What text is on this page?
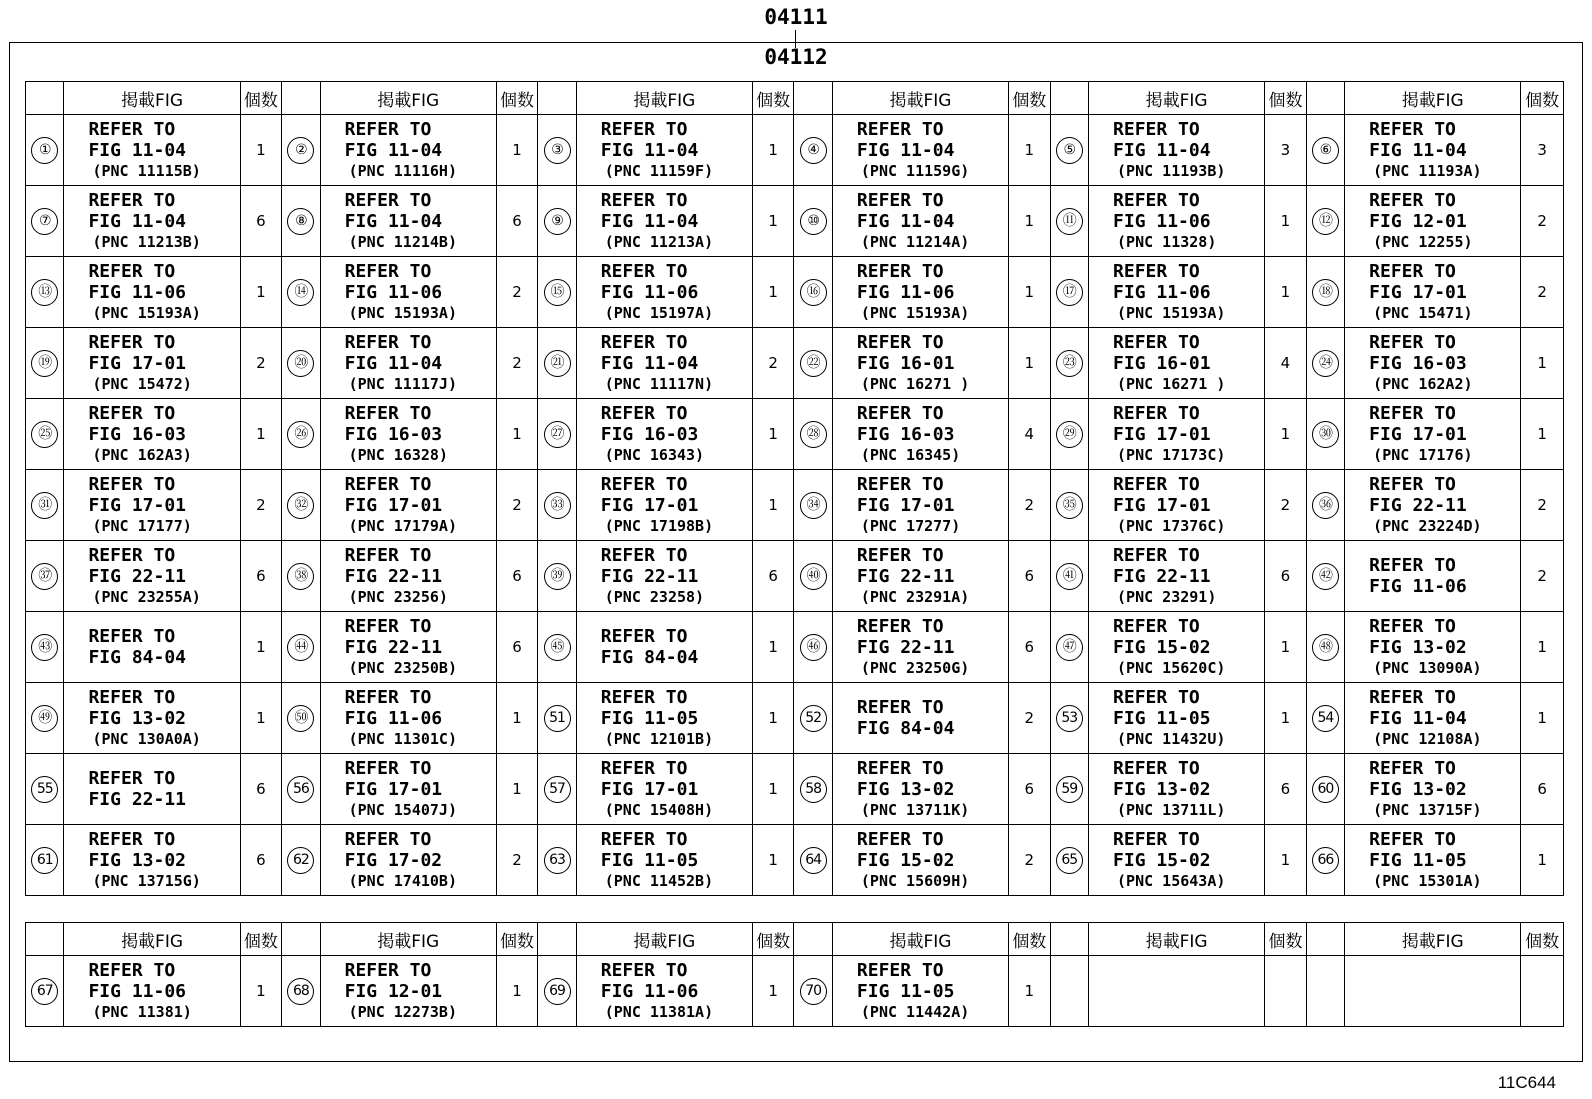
04111
04112
	掲載FIG	個数		掲載FIG	個数		掲載FIG	個数		掲載FIG	個数		掲載FIG	個数		掲載FIG	個数
①	REFER TO
FIG 11-04
(PNC 11115B)	1	②	REFER TO
FIG 11-04
(PNC 11116H)	1	③	REFER TO
FIG 11-04
(PNC 11159F)	1	④	REFER TO
FIG 11-04
(PNC 11159G)	1	⑤	REFER TO
FIG 11-04
(PNC 11193B)	3	⑥	REFER TO
FIG 11-04
(PNC 11193A)	3
⑦	REFER TO
FIG 11-04
(PNC 11213B)	6	⑧	REFER TO
FIG 11-04
(PNC 11214B)	6	⑨	REFER TO
FIG 11-04
(PNC 11213A)	1	⑩	REFER TO
FIG 11-04
(PNC 11214A)	1	⑪	REFER TO
FIG 11-06
(PNC 11328)	1	⑫	REFER TO
FIG 12-01
(PNC 12255)	2
⑬	REFER TO
FIG 11-06
(PNC 15193A)	1	⑭	REFER TO
FIG 11-06
(PNC 15193A)	2	⑮	REFER TO
FIG 11-06
(PNC 15197A)	1	⑯	REFER TO
FIG 11-06
(PNC 15193A)	1	⑰	REFER TO
FIG 11-06
(PNC 15193A)	1	⑱	REFER TO
FIG 17-01
(PNC 15471)	2
⑲	REFER TO
FIG 17-01
(PNC 15472)	2	⑳	REFER TO
FIG 11-04
(PNC 11117J)	2	㉑	REFER TO
FIG 11-04
(PNC 11117N)	2	㉒	REFER TO
FIG 16-01
(PNC 16271 )	1	㉓	REFER TO
FIG 16-01
(PNC 16271 )	4	㉔	REFER TO
FIG 16-03
(PNC 162A2)	1
㉕	REFER TO
FIG 16-03
(PNC 162A3)	1	㉖	REFER TO
FIG 16-03
(PNC 16328)	1	㉗	REFER TO
FIG 16-03
(PNC 16343)	1	㉘	REFER TO
FIG 16-03
(PNC 16345)	4	㉙	REFER TO
FIG 17-01
(PNC 17173C)	1	㉚	REFER TO
FIG 17-01
(PNC 17176)	1
㉛	REFER TO
FIG 17-01
(PNC 17177)	2	㉜	REFER TO
FIG 17-01
(PNC 17179A)	2	㉝	REFER TO
FIG 17-01
(PNC 17198B)	1	㉞	REFER TO
FIG 17-01
(PNC 17277)	2	㉟	REFER TO
FIG 17-01
(PNC 17376C)	2	㊱	REFER TO
FIG 22-11
(PNC 23224D)	2
㊲	REFER TO
FIG 22-11
(PNC 23255A)	6	㊳	REFER TO
FIG 22-11
(PNC 23256)	6	㊴	REFER TO
FIG 22-11
(PNC 23258)	6	㊵	REFER TO
FIG 22-11
(PNC 23291A)	6	㊶	REFER TO
FIG 22-11
(PNC 23291)	6	㊷	REFER TO
FIG 11-06	2
㊸	REFER TO
FIG 84-04	1	㊹	REFER TO
FIG 22-11
(PNC 23250B)	6	㊺	REFER TO
FIG 84-04	1	㊻	REFER TO
FIG 22-11
(PNC 23250G)	6	㊼	REFER TO
FIG 15-02
(PNC 15620C)	1	㊽	REFER TO
FIG 13-02
(PNC 13090A)	1
㊾	REFER TO
FIG 13-02
(PNC 130A0A)	1	㊿	REFER TO
FIG 11-06
(PNC 11301C)	1	51	REFER TO
FIG 11-05
(PNC 12101B)	1	52	REFER TO
FIG 84-04	2	53	REFER TO
FIG 11-05
(PNC 11432U)	1	54	REFER TO
FIG 11-04
(PNC 12108A)	1
55	REFER TO
FIG 22-11	6	56	REFER TO
FIG 17-01
(PNC 15407J)	1	57	REFER TO
FIG 17-01
(PNC 15408H)	1	58	REFER TO
FIG 13-02
(PNC 13711K)	6	59	REFER TO
FIG 13-02
(PNC 13711L)	6	60	REFER TO
FIG 13-02
(PNC 13715F)	6
61	REFER TO
FIG 13-02
(PNC 13715G)	6	62	REFER TO
FIG 17-02
(PNC 17410B)	2	63	REFER TO
FIG 11-05
(PNC 11452B)	1	64	REFER TO
FIG 15-02
(PNC 15609H)	2	65	REFER TO
FIG 15-02
(PNC 15643A)	1	66	REFER TO
FIG 11-05
(PNC 15301A)	1
	掲載FIG	個数		掲載FIG	個数		掲載FIG	個数		掲載FIG	個数		掲載FIG	個数		掲載FIG	個数
67	REFER TO
FIG 11-06
(PNC 11381)	1	68	REFER TO
FIG 12-01
(PNC 12273B)	1	69	REFER TO
FIG 11-06
(PNC 11381A)	1	70	REFER TO
FIG 11-05
(PNC 11442A)	1						
11C644
